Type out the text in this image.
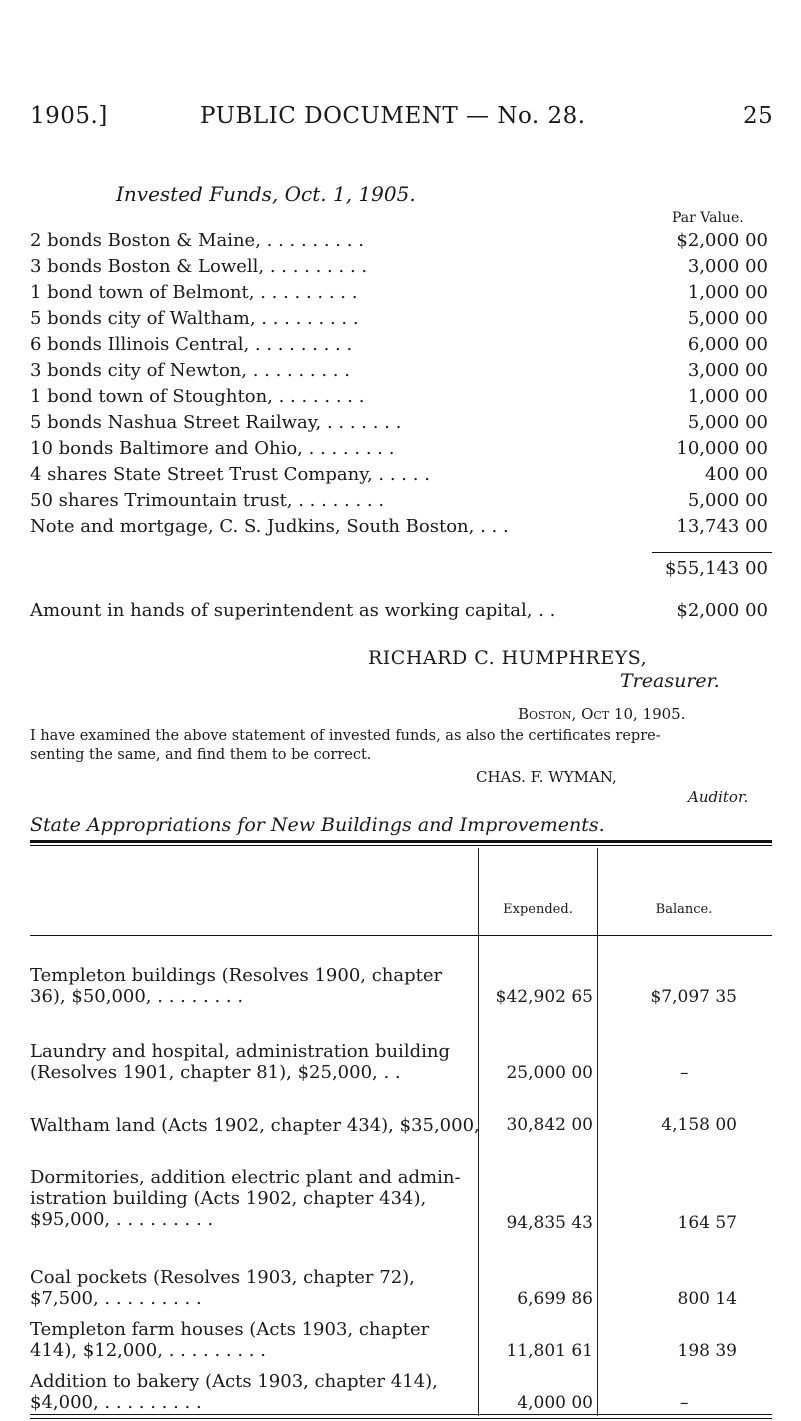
1905.]	PUBLIC DOCUMENT — No. 28.	25
Invested Funds, Oct. 1, 1905.
Par Value.
2 bonds Boston & Maine, . . . . . . . . .	$2,000 00
3 bonds Boston & Lowell, . . . . . . . . .	3,000 00
1 bond town of Belmont, . . . . . . . . .	1,000 00
5 bonds city of Waltham, . . . . . . . . .	5,000 00
6 bonds Illinois Central, . . . . . . . . .	6,000 00
3 bonds city of Newton, . . . . . . . . .	3,000 00
1 bond town of Stoughton, . . . . . . . .	1,000 00
5 bonds Nashua Street Railway, . . . . . . .	5,000 00
10 bonds Baltimore and Ohio, . . . . . . . .	10,000 00
4 shares State Street Trust Company, . . . . .	400 00
50 shares Trimountain trust, . . . . . . . .	5,000 00
Note and mortgage, C. S. Judkins, South Boston, . . .	13,743 00
$55,143 00
Amount in hands of superintendent as working capital, . .	$2,000 00
RICHARD C. HUMPHREYS,
Treasurer.
Boston, Oct 10, 1905.
I have examined the above statement of invested funds, as also the certificates repre-
senting the same, and find them to be correct.
CHAS. F. WYMAN,
Auditor.
State Appropriations for New Buildings and Improvements.
Expended.	Balance.
Templeton buildings (Resolves 1900, chapter
36), $50,000, . . . . . . . .	$42,902 65	$7,097 35
Laundry and hospital, administration building
(Resolves 1901, chapter 81), $25,000, . .	25,000 00	–
Waltham land (Acts 1902, chapter 434), $35,000,	30,842 00	4,158 00
Dormitories, addition electric plant and admin-
istration building (Acts 1902, chapter 434),
$95,000, . . . . . . . . .	94,835 43	164 57
Coal pockets (Resolves 1903, chapter 72),
$7,500, . . . . . . . . .	6,699 86	800 14
Templeton farm houses (Acts 1903, chapter
414), $12,000, . . . . . . . . .	11,801 61	198 39
Addition to bakery (Acts 1903, chapter 414),
$4,000, . . . . . . . . .	4,000 00	–
